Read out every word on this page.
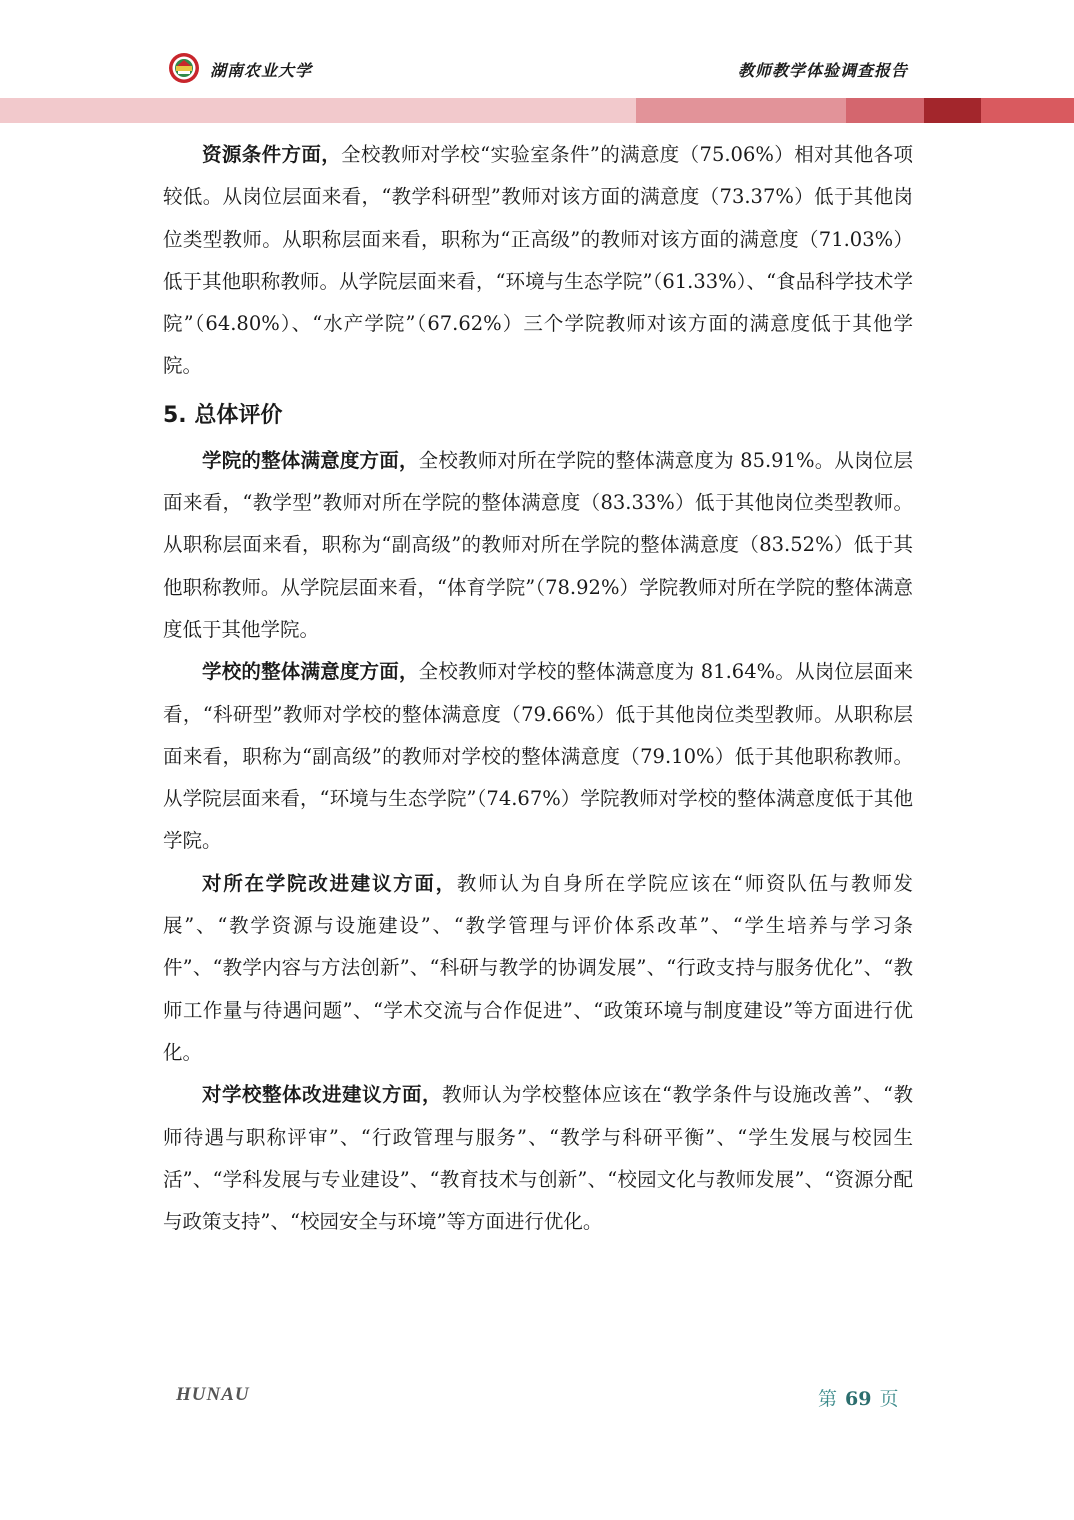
湖南农业大学	教师教学体验调查报告

资源条件方面，全校教师对学校“实验室条件”的满意度（75.06%）相对其他各项较低。从岗位层面来看，“教学科研型”教师对该方面的满意度（73.37%）低于其他岗位类型教师。从职称层面来看，职称为“正高级”的教师对该方面的满意度（71.03%）低于其他职称教师。从学院层面来看，“环境与生态学院”（61.33%）、“食品科学技术学院”（64.80%）、“水产学院”（67.62%）三个学院教师对该方面的满意度低于其他学院。

5. 总体评价

学院的整体满意度方面，全校教师对所在学院的整体满意度为 85.91%。从岗位层面来看，“教学型”教师对所在学院的整体满意度（83.33%）低于其他岗位类型教师。从职称层面来看，职称为“副高级”的教师对所在学院的整体满意度（83.52%）低于其他职称教师。从学院层面来看，“体育学院”（78.92%）学院教师对所在学院的整体满意度低于其他学院。

学校的整体满意度方面，全校教师对学校的整体满意度为 81.64%。从岗位层面来看，“科研型”教师对学校的整体满意度（79.66%）低于其他岗位类型教师。从职称层面来看，职称为“副高级”的教师对学校的整体满意度（79.10%）低于其他职称教师。从学院层面来看，“环境与生态学院”（74.67%）学院教师对学校的整体满意度低于其他学院。

对所在学院改进建议方面，教师认为自身所在学院应该在“师资队伍与教师发展”、“教学资源与设施建设”、“教学管理与评价体系改革”、“学生培养与学习条件”、“教学内容与方法创新”、“科研与教学的协调发展”、“行政支持与服务优化”、“教师工作量与待遇问题”、“学术交流与合作促进”、“政策环境与制度建设”等方面进行优化。

对学校整体改进建议方面，教师认为学校整体应该在“教学条件与设施改善”、“教师待遇与职称评审”、“行政管理与服务”、“教学与科研平衡”、“学生发展与校园生活”、“学科发展与专业建设”、“教育技术与创新”、“校园文化与教师发展”、“资源分配与政策支持”、“校园安全与环境”等方面进行优化。

HUNAU	第 69 页
